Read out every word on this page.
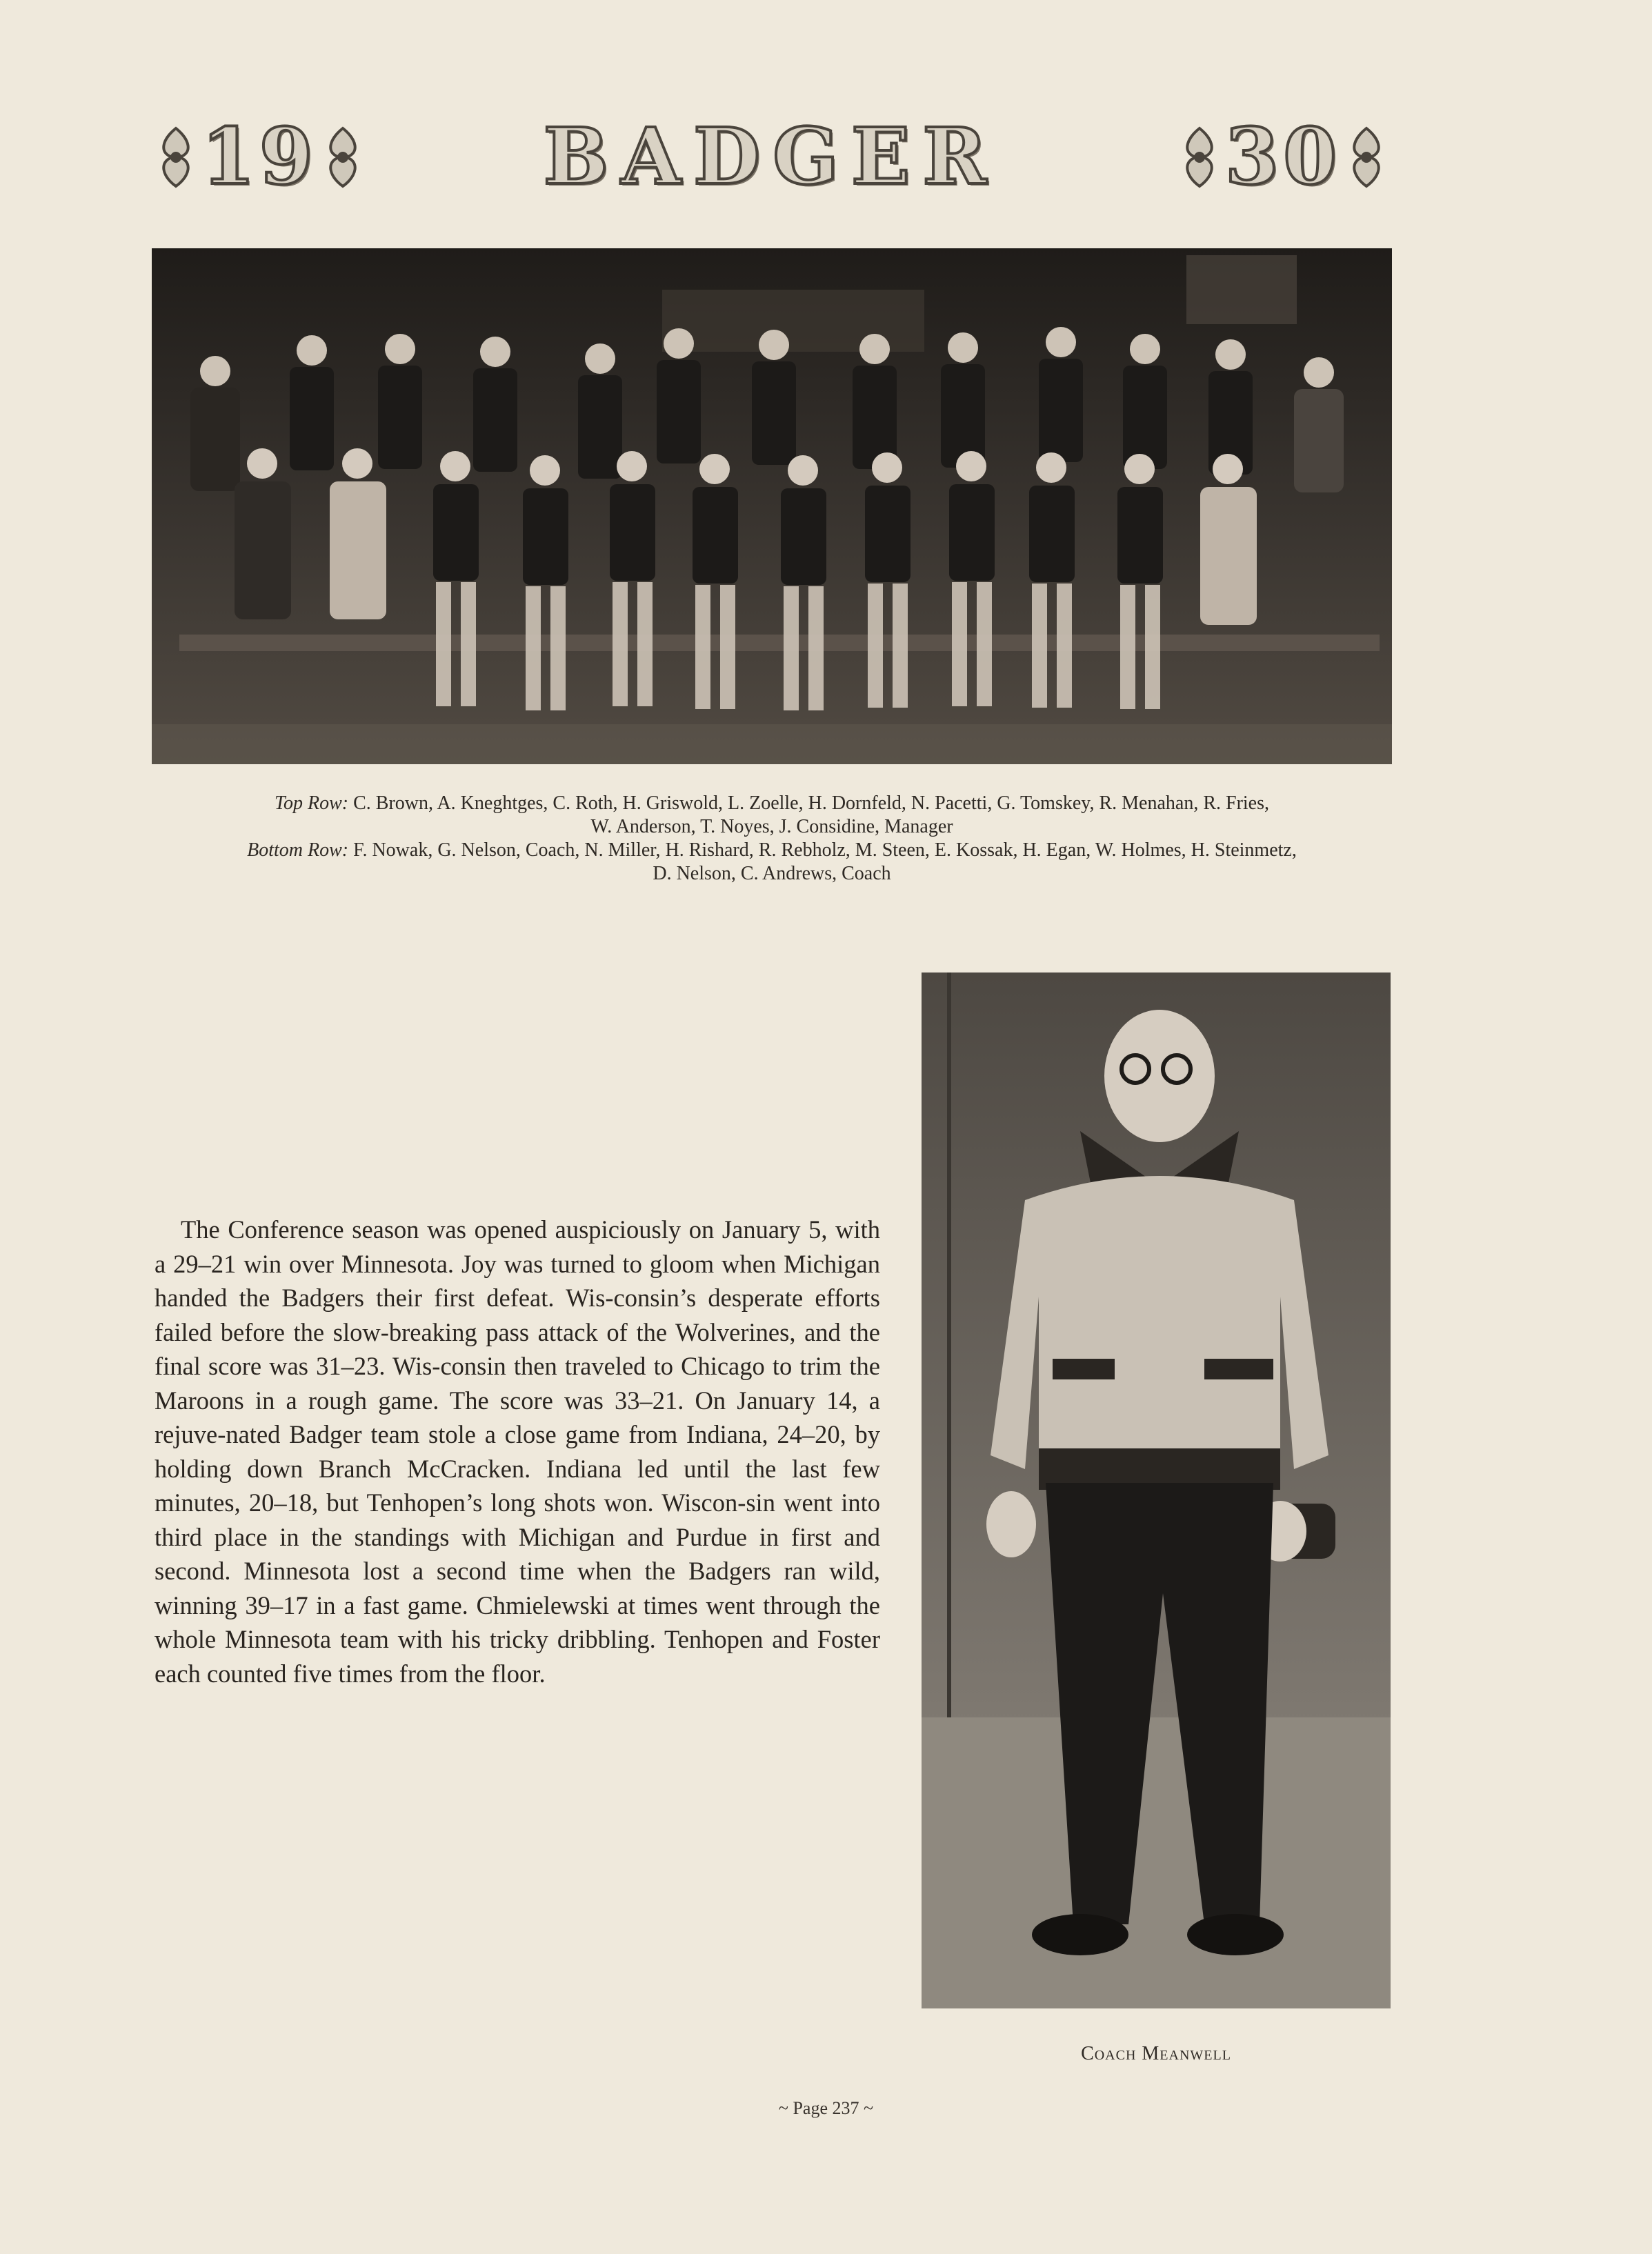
19	BADGER	30
Top Row: C. Brown, A. Kneghtges, C. Roth, H. Griswold, L. Zoelle, H. Dornfeld, N. Pacetti, G. Tomskey, R. Menahan, R. Fries,
W. Anderson, T. Noyes, J. Considine, Manager
Bottom Row: F. Nowak, G. Nelson, Coach, N. Miller, H. Rishard, R. Rebholz, M. Steen, E. Kossak, H. Egan, W. Holmes, H. Steinmetz,
D. Nelson, C. Andrews, Coach

The Conference season was opened auspiciously on January 5, with a 29–21 win over Minnesota. Joy was turned to gloom when Michigan handed the Badgers their first defeat. Wis-consin’s desperate efforts failed before the slow-breaking pass attack of the Wolverines, and the final score was 31–23. Wis-consin then traveled to Chicago to trim the Maroons in a rough game. The score was 33–21. On January 14, a rejuve-nated Badger team stole a close game from Indiana, 24–20, by holding down Branch McCracken. Indiana led until the last few minutes, 20–18, but Tenhopen’s long shots won. Wiscon-sin went into third place in the standings with Michigan and Purdue in first and second. Minnesota lost a second time when the Badgers ran wild, winning 39–17 in a fast game. Chmielewski at times went through the whole Minnesota team with his tricky dribbling. Tenhopen and Foster each counted five times from the floor.

Coach Meanwell
~ Page 237 ~
